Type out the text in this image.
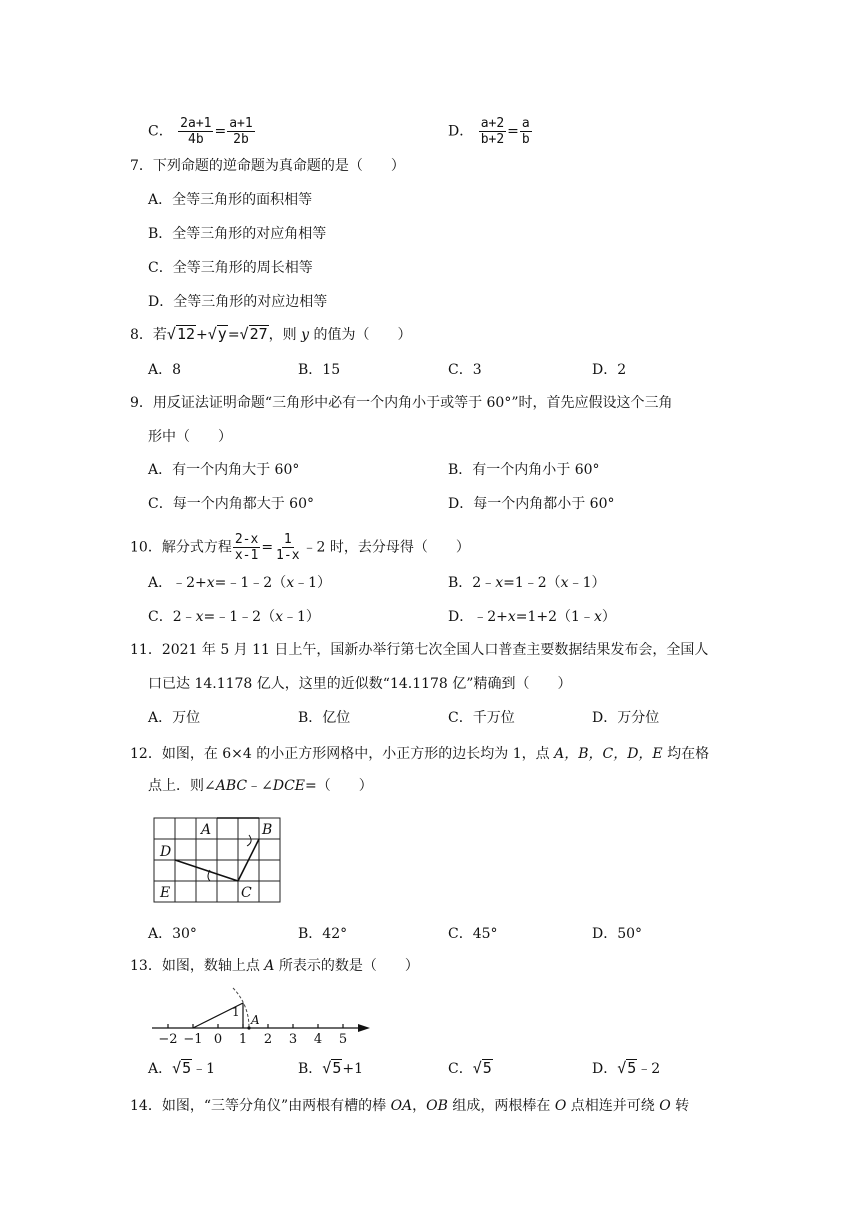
C． $\frac{2a+1}{4b} = \frac{a+1}{2b}$	D． $\frac{a+2}{b+2} = \frac{a}{b}$
7．下列命题的逆命题为真命题的是（　　）
A．全等三角形的面积相等
B．全等三角形的对应角相等
C．全等三角形的周长相等
D．全等三角形的对应边相等
8．若√12+√y=√27，则 y 的值为（　　）
A．8	B．15	C．3	D．2
9．用反证法证明命题“三角形中必有一个内角小于或等于 60°”时，首先应假设这个三角
形中（　　）
A．有一个内角大于 60°	B．有一个内角小于 60°
C．每一个内角都大于 60°	D．每一个内角都小于 60°
10．解分式方程 $\frac{2-x}{x-1} = \frac{1}{1-x}$ ﹣2 时，去分母得（　　）
A．﹣2+x=﹣1﹣2（x﹣1）	B．2﹣x=1﹣2（x﹣1）
C．2﹣x=﹣1﹣2（x﹣1）	D．﹣2+x=1+2（1﹣x）
11．2021 年 5 月 11 日上午，国新办举行第七次全国人口普查主要数据结果发布会，全国人
口已达 14.1178 亿人，这里的近似数“14.1178 亿”精确到（　　）
A．万位	B．亿位	C．千万位	D．万分位
12．如图，在 6×4 的小正方形网格中，小正方形的边长均为 1，点 A，B，C，D，E 均在格
点上．则∠ABC﹣∠DCE=（　　）
A	B
D
E	C
A．30°	B．42°	C．45°	D．50°
13．如图，数轴上点 A 所表示的数是（　　）
1
A
−2 −1 0 1 2 3 4 5
A．√5﹣1	B．√5+1	C．√5	D．√5﹣2
14．如图，“三等分角仪”由两根有槽的棒 OA，OB 组成，两根棒在 O 点相连并可绕 O 转
